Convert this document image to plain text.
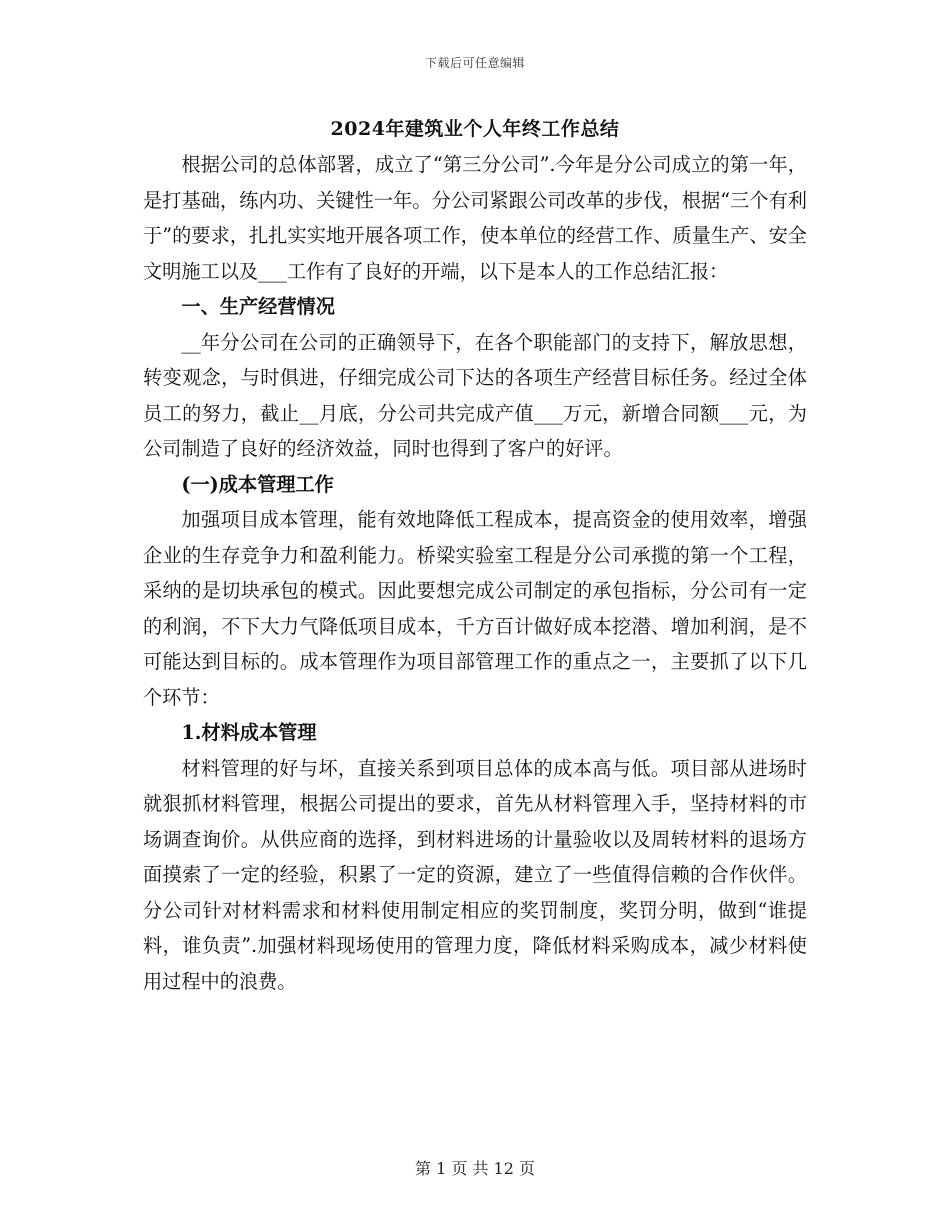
下载后可任意编辑
2024年建筑业个人年终工作总结

根据公司的总体部署，成立了“第三分公司”.今年是分公司成立的第一年，是打基础，练内功、关键性一年。分公司紧跟公司改革的步伐，根据“三个有利于”的要求，扎扎实实地开展各项工作，使本单位的经营工作、质量生产、安全文明施工以及___工作有了良好的开端，以下是本人的工作总结汇报：

一、生产经营情况

__年分公司在公司的正确领导下，在各个职能部门的支持下，解放思想，转变观念，与时俱进，仔细完成公司下达的各项生产经营目标任务。经过全体员工的努力，截止__月底，分公司共完成产值___万元，新增合同额___元，为公司制造了良好的经济效益，同时也得到了客户的好评。

(一)成本管理工作

加强项目成本管理，能有效地降低工程成本，提高资金的使用效率，增强企业的生存竞争力和盈利能力。桥梁实验室工程是分公司承揽的第一个工程，采纳的是切块承包的模式。因此要想完成公司制定的承包指标，分公司有一定的利润，不下大力气降低项目成本，千方百计做好成本挖潜、增加利润，是不可能达到目标的。成本管理作为项目部管理工作的重点之一，主要抓了以下几个环节：

1.材料成本管理

材料管理的好与坏，直接关系到项目总体的成本高与低。项目部从进场时就狠抓材料管理，根据公司提出的要求，首先从材料管理入手，坚持材料的市场调查询价。从供应商的选择，到材料进场的计量验收以及周转材料的退场方面摸索了一定的经验，积累了一定的资源，建立了一些值得信赖的合作伙伴。分公司针对材料需求和材料使用制定相应的奖罚制度，奖罚分明，做到“谁提料，谁负责”.加强材料现场使用的管理力度，降低材料采购成本，减少材料使用过程中的浪费。

第 1 页 共 12 页
